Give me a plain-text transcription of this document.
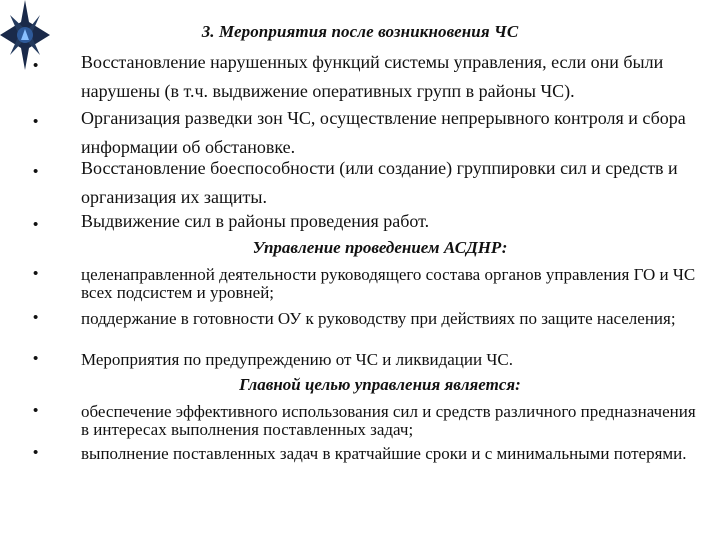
3. Мероприятия после возникновения ЧС
•	Восстановление нарушенных функций системы управления, если они были нарушены (в т.ч. выдвижение оперативных групп в районы ЧС).
•	Организация разведки зон ЧС, осуществление непрерывного контроля и сбора информации об обстановке.
•	Восстановление боеспособности (или создание) группировки сил и средств и организация их защиты.
•	Выдвижение сил в районы проведения работ.
Управление проведением АСДНР:
•	целенаправленной деятельности руководящего состава органов управления ГО и ЧС всех подсистем и уровней;
•	поддержание в готовности ОУ к руководству при действиях по защите населения;
•	Мероприятия по предупреждению от ЧС и ликвидации ЧС.
Главной целью управления является:
•	обеспечение эффективного использования сил и средств различного предназначения в интересах выполнения поставленных задач;
•	выполнение поставленных задач в кратчайшие сроки и с минимальными потерями.
